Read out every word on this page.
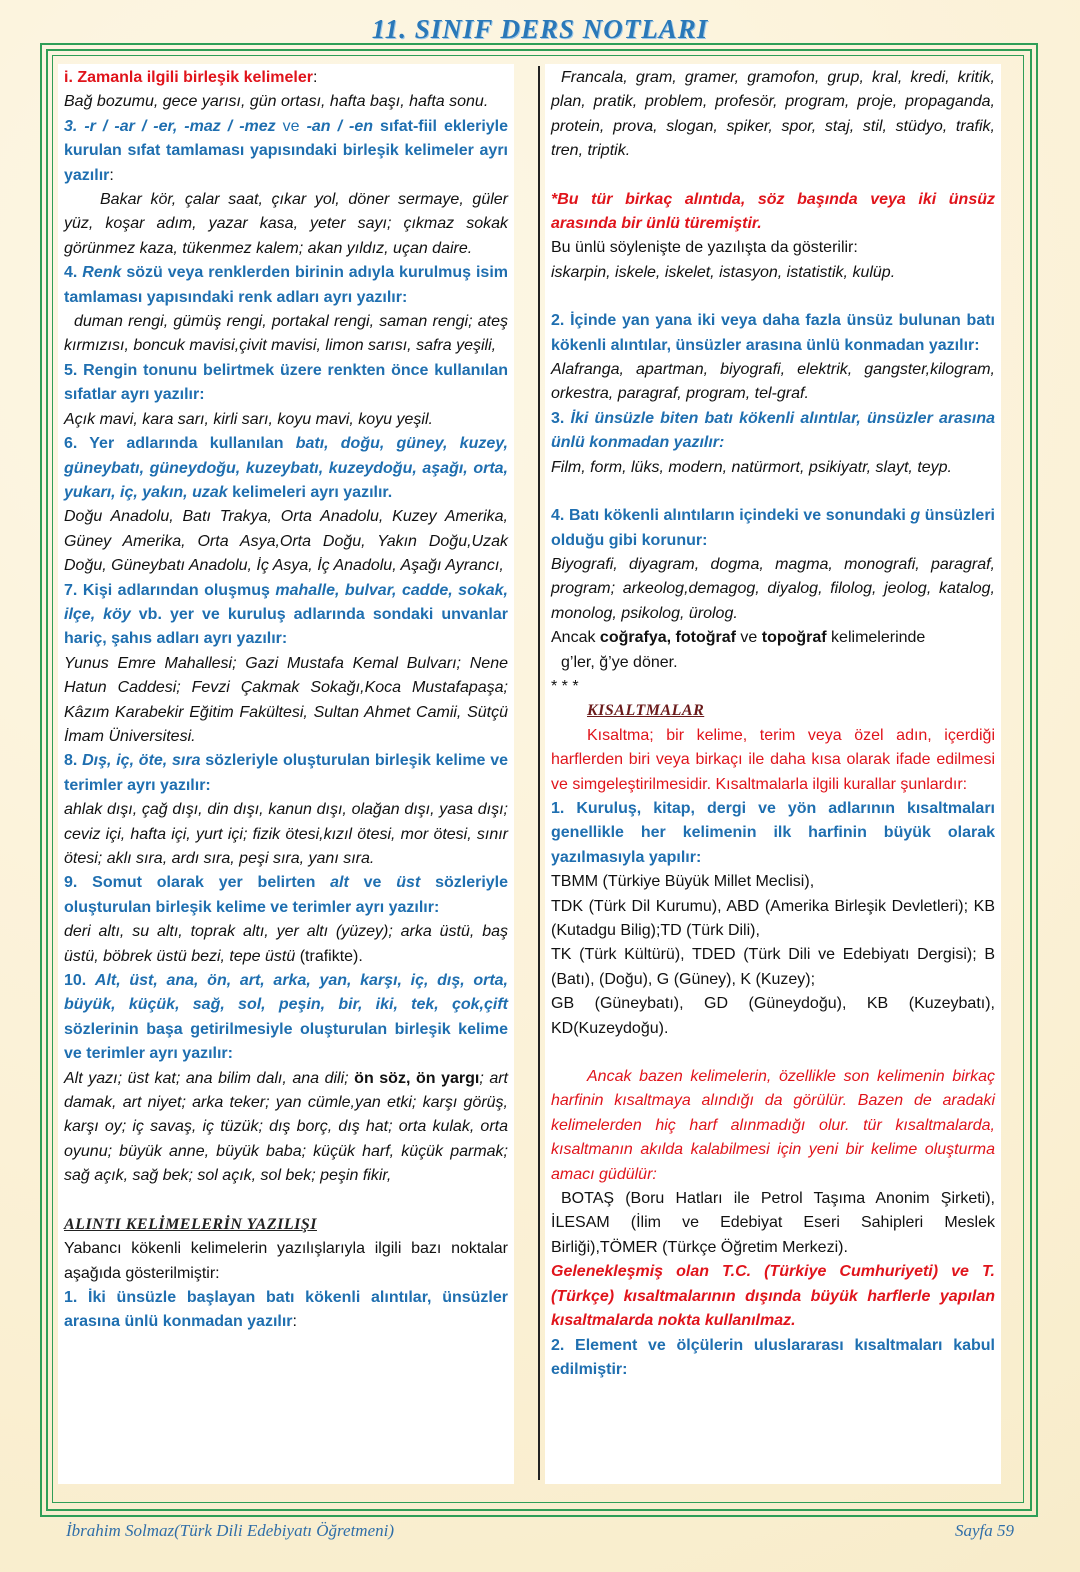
11. SINIF DERS NOTLARI

i. Zamanla ilgili birleşik kelimeler:

Bağ bozumu, gece yarısı, gün ortası, hafta başı, hafta sonu.

3. -r / -ar / -er, -maz / -mez ve -an / -en sıfat-fiil ekleriyle kurulan sıfat tamlaması yapısındaki birleşik kelimeler ayrı yazılır:

Bakar kör, çalar saat, çıkar yol, döner sermaye, güler yüz, koşar adım, yazar kasa, yeter sayı; çıkmaz sokak görünmez kaza, tükenmez kalem; akan yıldız, uçan daire.

4. Renk sözü veya renklerden birinin adıyla kurulmuş isim tamlaması yapısındaki renk adları ayrı yazılır:

duman rengi, gümüş rengi, portakal rengi, saman rengi; ateş kırmızısı, boncuk mavisi,çivit mavisi, limon sarısı, safra yeşili,

5. Rengin tonunu belirtmek üzere renkten önce kullanılan sıfatlar ayrı yazılır:

Açık mavi, kara sarı, kirli sarı, koyu mavi, koyu yeşil.

6. Yer adlarında kullanılan batı, doğu, güney, kuzey, güneybatı, güneydoğu, kuzeybatı, kuzeydoğu, aşağı, orta, yukarı, iç, yakın, uzak kelimeleri ayrı yazılır.

Doğu Anadolu, Batı Trakya, Orta Anadolu, Kuzey Amerika, Güney Amerika, Orta Asya,Orta Doğu, Yakın Doğu,Uzak Doğu, Güneybatı Anadolu, İç Asya, İç Anadolu, Aşağı Ayrancı,

7. Kişi adlarından oluşmuş mahalle, bulvar, cadde, sokak, ilçe, köy vb. yer ve kuruluş adlarında sondaki unvanlar hariç, şahıs adları ayrı yazılır:

Yunus Emre Mahallesi; Gazi Mustafa Kemal Bulvarı; Nene Hatun Caddesi; Fevzi Çakmak Sokağı,Koca Mustafapaşa; Kâzım Karabekir Eğitim Fakültesi, Sultan Ahmet Camii, Sütçü İmam Üniversitesi.

8. Dış, iç, öte, sıra sözleriyle oluşturulan birleşik kelime ve terimler ayrı yazılır:

ahlak dışı, çağ dışı, din dışı, kanun dışı, olağan dışı, yasa dışı; ceviz içi, hafta içi, yurt içi; fizik ötesi,kızıl ötesi, mor ötesi, sınır ötesi; aklı sıra, ardı sıra, peşi sıra, yanı sıra.

9. Somut olarak yer belirten alt ve üst sözleriyle oluşturulan birleşik kelime ve terimler ayrı yazılır:

deri altı, su altı, toprak altı, yer altı (yüzey); arka üstü, baş üstü, böbrek üstü bezi, tepe üstü (trafikte).

10. Alt, üst, ana, ön, art, arka, yan, karşı, iç, dış, orta, büyük, küçük, sağ, sol, peşin, bir, iki, tek, çok,çift sözlerinin başa getirilmesiyle oluşturulan birleşik kelime ve terimler ayrı yazılır:

Alt yazı; üst kat; ana bilim dalı, ana dili; ön söz, ön yargı; art damak, art niyet; arka teker; yan cümle,yan etki; karşı görüş, karşı oy; iç savaş, iç tüzük; dış borç, dış hat; orta kulak, orta oyunu; büyük anne, büyük baba; küçük harf, küçük parmak; sağ açık, sağ bek; sol açık, sol bek; peşin fikir,

ALINTI KELİMELERİN YAZILIŞI

Yabancı kökenli kelimelerin yazılışlarıyla ilgili bazı noktalar aşağıda gösterilmiştir:

1. İki ünsüzle başlayan batı kökenli alıntılar, ünsüzler arasına ünlü konmadan yazılır:

Francala, gram, gramer, gramofon, grup, kral, kredi, kritik, plan, pratik, problem, profesör, program, proje, propaganda, protein, prova, slogan, spiker, spor, staj, stil, stüdyo, trafik, tren, triptik.

*Bu tür birkaç alıntıda, söz başında veya iki ünsüz arasında bir ünlü türemiştir.

Bu ünlü söylenişte de yazılışta da gösterilir:

iskarpin, iskele, iskelet, istasyon, istatistik, kulüp.

2. İçinde yan yana iki veya daha fazla ünsüz bulunan batı kökenli alıntılar, ünsüzler arasına ünlü konmadan yazılır:

Alafranga, apartman, biyografi, elektrik, gangster,kilogram, orkestra, paragraf, program, tel-graf.

3. İki ünsüzle biten batı kökenli alıntılar, ünsüzler arasına ünlü konmadan yazılır:

Film, form, lüks, modern, natürmort, psikiyatr, slayt, teyp.

4. Batı kökenli alıntıların içindeki ve sonundaki g ünsüzleri olduğu gibi korunur:

Biyografi, diyagram, dogma, magma, monografi, paragraf, program; arkeolog,demagog, diyalog, filolog, jeolog, katalog, monolog, psikolog, ürolog.

Ancak coğrafya, fotoğraf ve topoğraf kelimelerinde

g’ler, ğ’ye döner.

* * *

KISALTMALAR

Kısaltma; bir kelime, terim veya özel adın, içerdiği harflerden biri veya birkaçı ile daha kısa olarak ifade edilmesi ve simgeleştirilmesidir. Kısaltmalarla ilgili kurallar şunlardır:

1. Kuruluş, kitap, dergi ve yön adlarının kısaltmaları genellikle her kelimenin ilk harfinin büyük olarak yazılmasıyla yapılır:

TBMM (Türkiye Büyük Millet Meclisi),

TDK (Türk Dil Kurumu), ABD (Amerika Birleşik Devletleri); KB (Kutadgu Bilig);TD (Türk Dili),

TK (Türk Kültürü), TDED (Türk Dili ve Edebiyatı Dergisi); B (Batı), (Doğu), G (Güney), K (Kuzey);

GB (Güneybatı), GD (Güneydoğu), KB (Kuzeybatı), KD(Kuzeydoğu).

Ancak bazen kelimelerin, özellikle son kelimenin birkaç harfinin kısaltmaya alındığı da görülür. Bazen de aradaki kelimelerden hiç harf alınmadığı olur. tür kısaltmalarda, kısaltmanın akılda kalabilmesi için yeni bir kelime oluşturma amacı güdülür:

BOTAŞ (Boru Hatları ile Petrol Taşıma Anonim Şirketi), İLESAM (İlim ve Edebiyat Eseri Sahipleri Meslek Birliği),TÖMER (Türkçe Öğretim Merkezi).

Gelenekleşmiş olan T.C. (Türkiye Cumhuriyeti) ve T. (Türkçe) kısaltmalarının dışında büyük harflerle yapılan kısaltmalarda nokta kullanılmaz.

2. Element ve ölçülerin uluslararası kısaltmaları kabul edilmiştir:

İbrahim Solmaz(Türk Dili Edebiyatı Öğretmeni)	Sayfa 59
